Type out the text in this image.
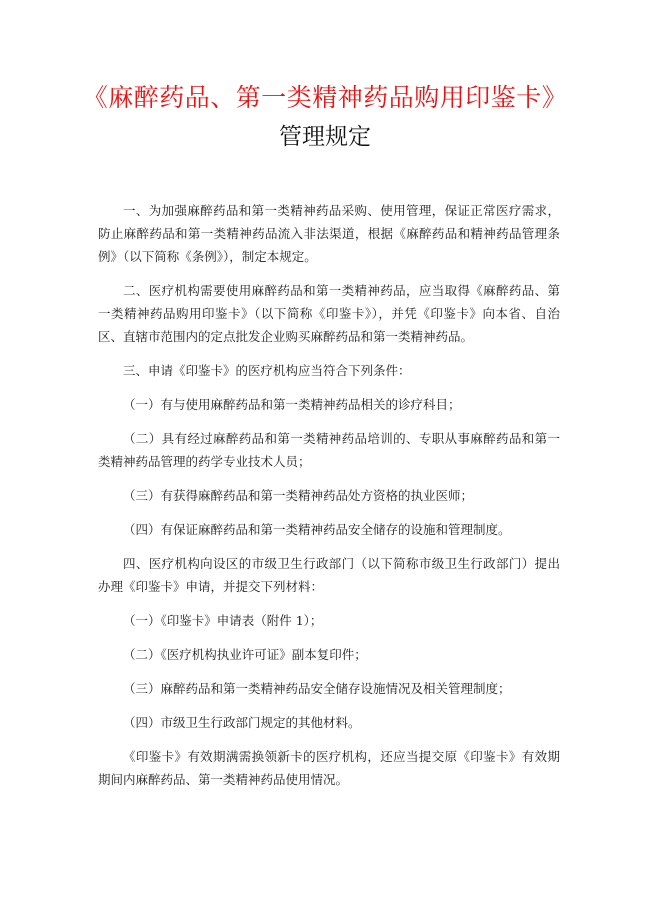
《麻醉药品、第一类精神药品购用印鉴卡》
管理规定

一、为加强麻醉药品和第一类精神药品采购、使用管理，保证正常医疗需求，防止麻醉药品和第一类精神药品流入非法渠道，根据《麻醉药品和精神药品管理条例》（以下简称《条例》），制定本规定。

二、医疗机构需要使用麻醉药品和第一类精神药品，应当取得《麻醉药品、第一类精神药品购用印鉴卡》（以下简称《印鉴卡》），并凭《印鉴卡》向本省、自治区、直辖市范围内的定点批发企业购买麻醉药品和第一类精神药品。

三、申请《印鉴卡》的医疗机构应当符合下列条件：

（一）有与使用麻醉药品和第一类精神药品相关的诊疗科目；

（二）具有经过麻醉药品和第一类精神药品培训的、专职从事麻醉药品和第一类精神药品管理的药学专业技术人员；

（三）有获得麻醉药品和第一类精神药品处方资格的执业医师；

（四）有保证麻醉药品和第一类精神药品安全储存的设施和管理制度。

四、医疗机构向设区的市级卫生行政部门（以下简称市级卫生行政部门）提出办理《印鉴卡》申请，并提交下列材料：

（一）《印鉴卡》申请表（附件 1）；

（二）《医疗机构执业许可证》副本复印件；

（三）麻醉药品和第一类精神药品安全储存设施情况及相关管理制度；

（四）市级卫生行政部门规定的其他材料。

《印鉴卡》有效期满需换领新卡的医疗机构，还应当提交原《印鉴卡》有效期期间内麻醉药品、第一类精神药品使用情况。
